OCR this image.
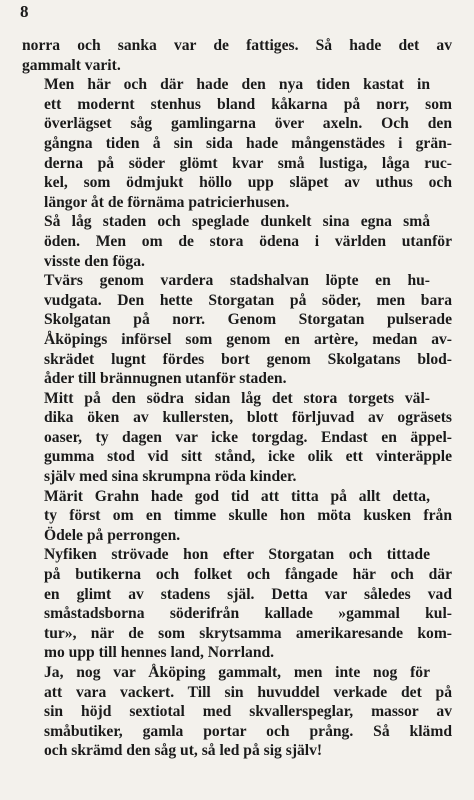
8

norra och sanka var de fattiges. Så hade det av
gammalt varit.

Men här och där hade den nya tiden kastat in
ett modernt stenhus bland kåkarna på norr, som
överlägset såg gamlingarna över axeln. Och den
gångna tiden å sin sida hade mångenstädes i grän-
derna på söder glömt kvar små lustiga, låga ruc-
kel, som ödmjukt höllo upp släpet av uthus och
längor åt de förnäma patricierhusen.

Så låg staden och speglade dunkelt sina egna små
öden. Men om de stora ödena i världen utanför
visste den föga.

Tvärs genom vardera stadshalvan löpte en hu-
vudgata. Den hette Storgatan på söder, men bara
Skolgatan på norr. Genom Storgatan pulserade
Åköpings införsel som genom en artère, medan av-
skrädet lugnt fördes bort genom Skolgatans blod-
åder till brännugnen utanför staden.

Mitt på den södra sidan låg det stora torgets väl-
dika öken av kullersten, blott förljuvad av ogräsets
oaser, ty dagen var icke torgdag. Endast en äppel-
gumma stod vid sitt stånd, icke olik ett vinteräpple
själv med sina skrumpna röda kinder.

Märit Grahn hade god tid att titta på allt detta,
ty först om en timme skulle hon möta kusken från
Ödele på perrongen.

Nyfiken strövade hon efter Storgatan och tittade
på butikerna och folket och fångade här och där
en glimt av stadens själ. Detta var således vad
småstadsborna söderifrån kallade »gammal kul-
tur», när de som skrytsamma amerikaresande kom-
mo upp till hennes land, Norrland.

Ja, nog var Åköping gammalt, men inte nog för
att vara vackert. Till sin huvuddel verkade det på
sin höjd sextiotal med skvallerspeglar, massor av
småbutiker, gamla portar och prång. Så klämd
och skrämd den såg ut, så led på sig själv!
